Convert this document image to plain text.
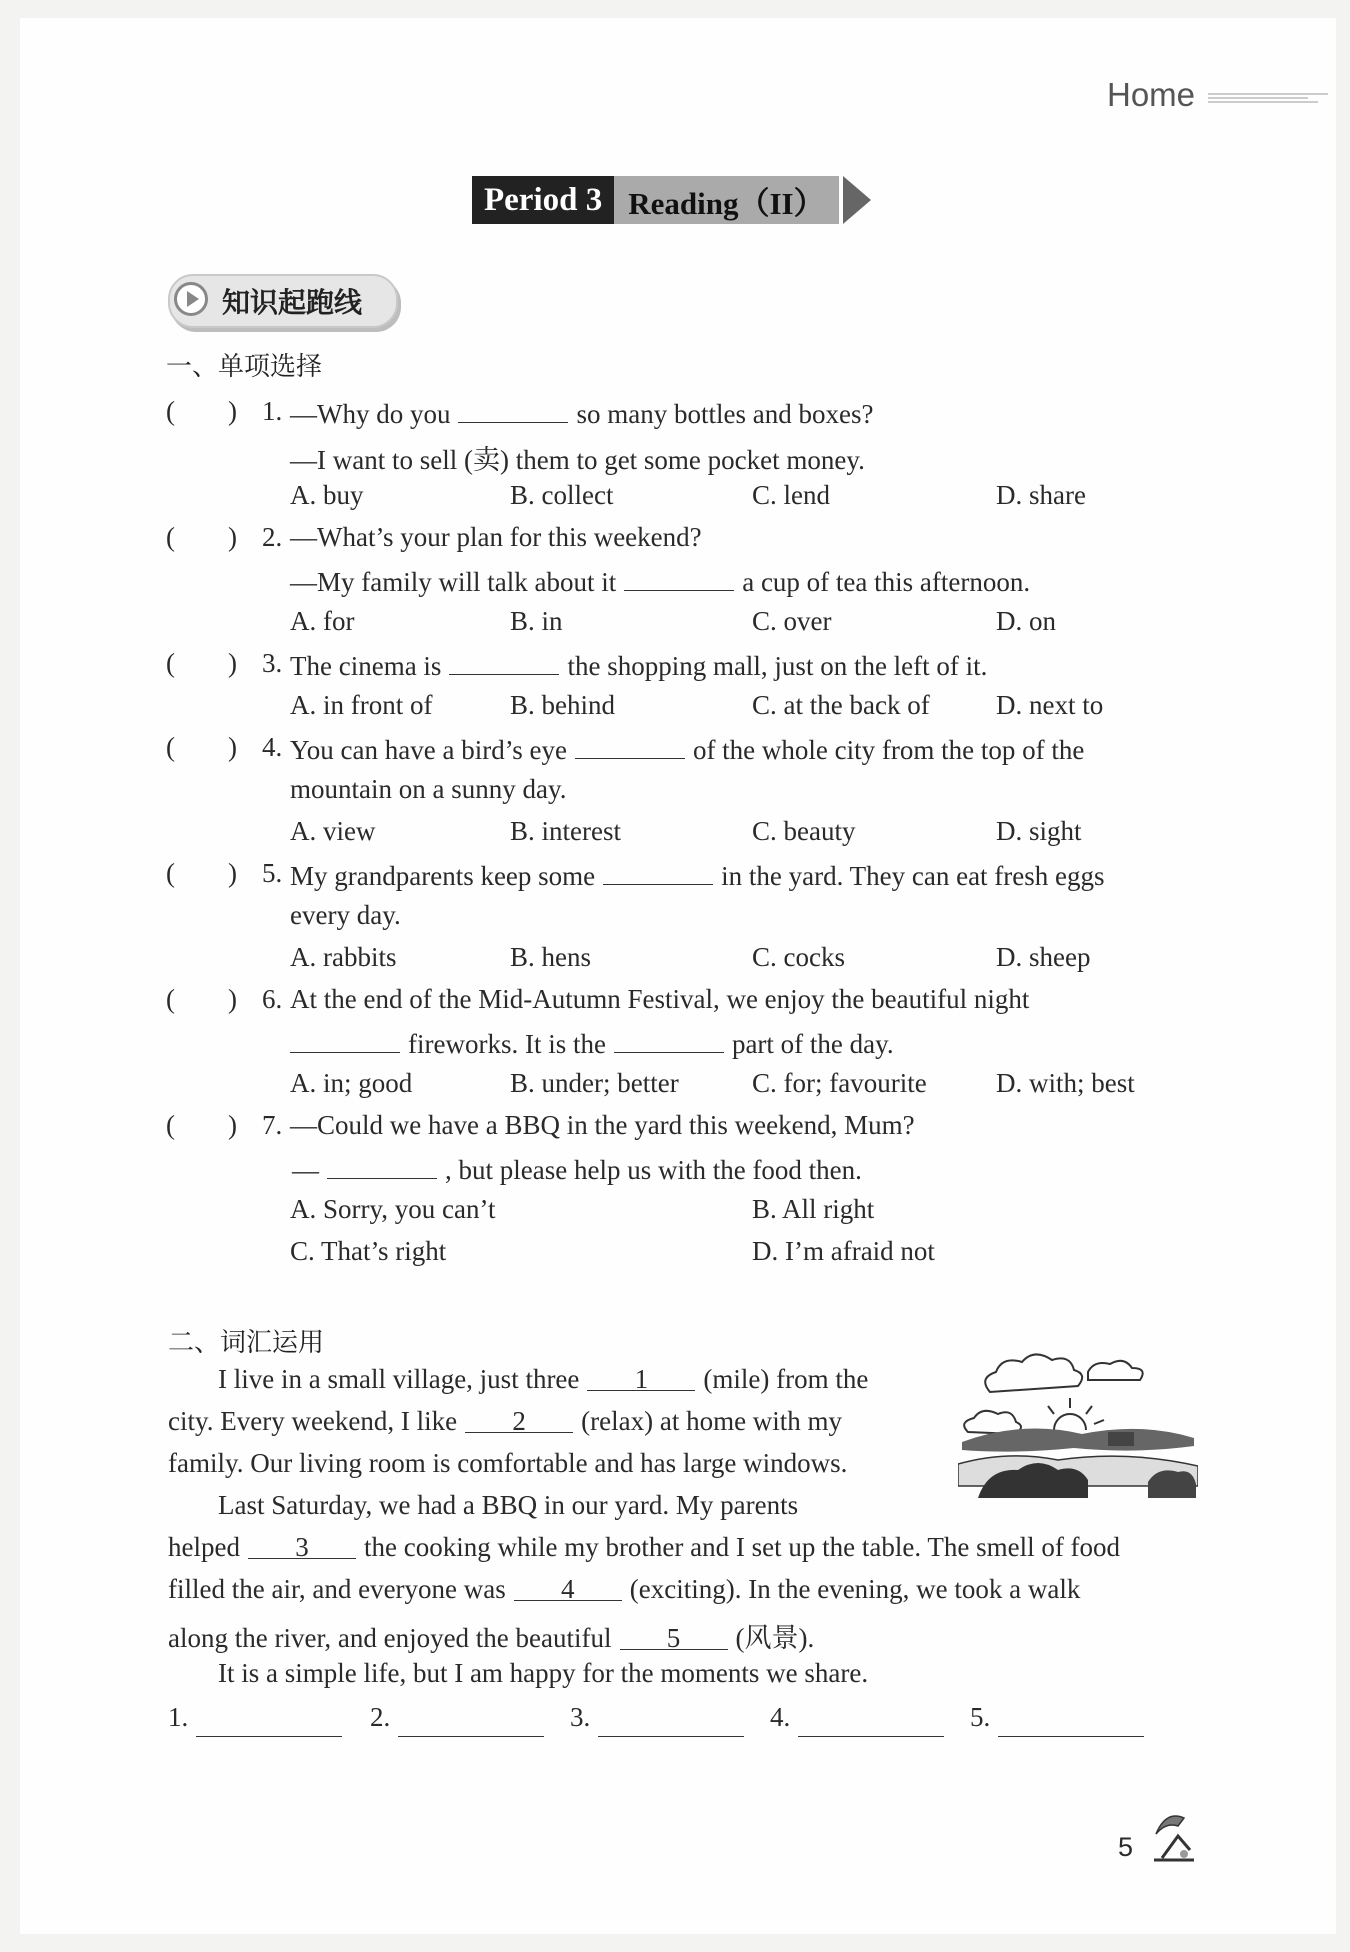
Home
Period 3 Reading（II）
知识起跑线
一、单项选择
( ) 1. —Why do you	so many bottles and boxes?
—I want to sell (卖) them to get some pocket money.
A. buy	B. collect	C. lend	D. share
( ) 2. —What’s your plan for this weekend?
—My family will talk about it	a cup of tea this afternoon.
A. for	B. in	C. over	D. on
( ) 3. The cinema is	the shopping mall, just on the left of it.
A. in front of	B. behind	C. at the back of D. next to
( ) 4. You can have a bird’s eye	of the whole city from the top of the
mountain on a sunny day.
A. view	B. interest	C. beauty	D. sight
( ) 5. My grandparents keep some	in the yard. They can eat fresh eggs
every day.
A. rabbits	B. hens	C. cocks	D. sheep
( ) 6. At the end of the Mid-Autumn Festival, we enjoy the beautiful night
fireworks. It is the	part of the day.
A. in; good	B. under; better	C. for; favourite	D. with; best
( ) 7. —Could we have a BBQ in the yard this weekend, Mum?
—	, but please help us with the food then.
A. Sorry, you can’t	B. All right
C. That’s right	D. I’m afraid not
二、词汇运用
I live in a small village, just three 1 (mile) from the
city. Every weekend, I like 2 (relax) at home with my
family. Our living room is comfortable and has large windows.
Last Saturday, we had a BBQ in our yard. My parents
helped 3 the cooking while my brother and I set up the table. The smell of food
filled the air, and everyone was 4 (exciting). In the evening, we took a walk
along the river, and enjoyed the beautiful 5 (风景).
It is a simple life, but I am happy for the moments we share.
1.	2.	3.	4.	5.
5
